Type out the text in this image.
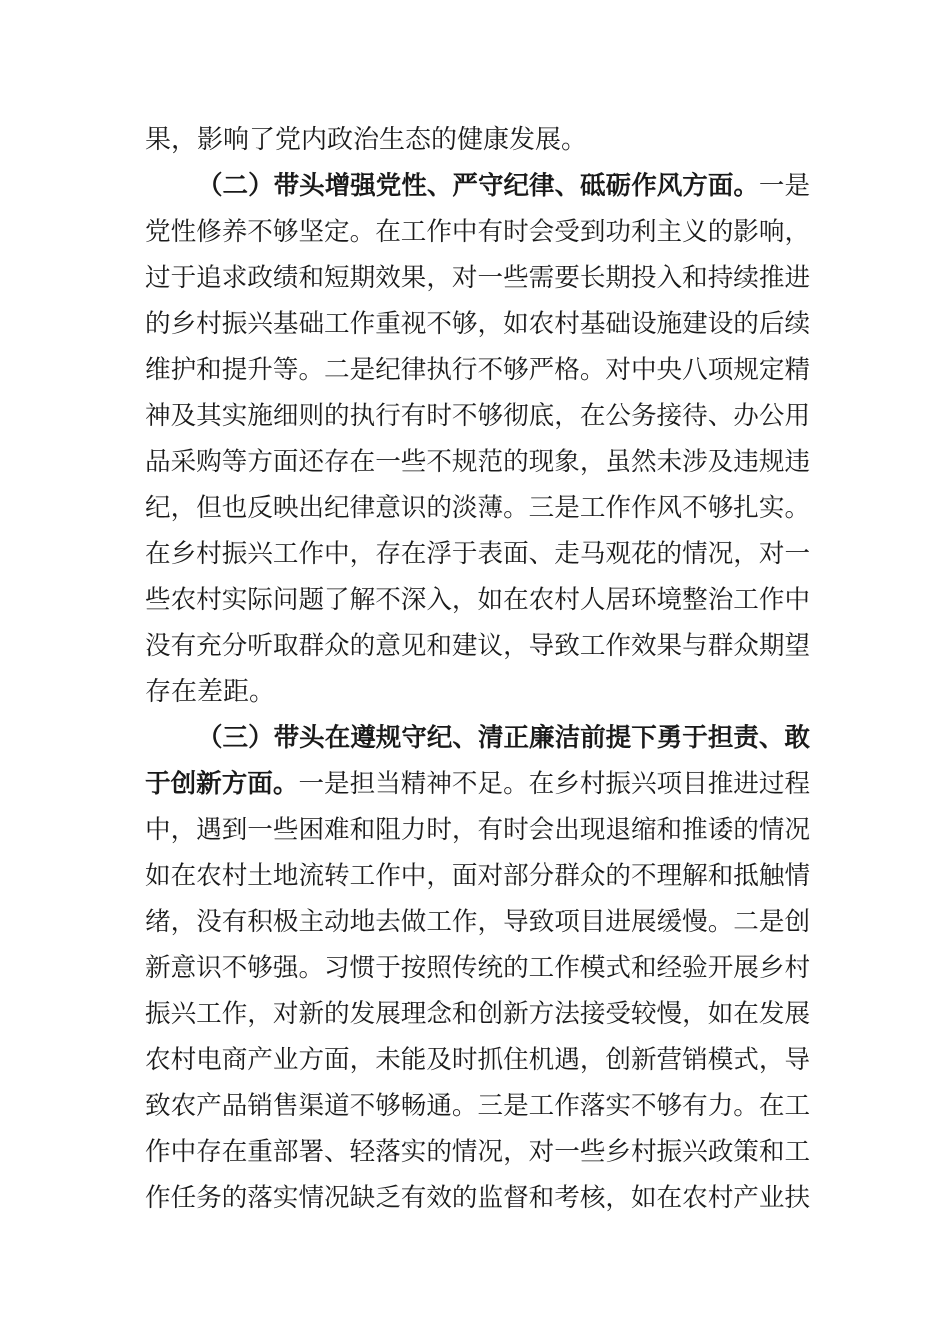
果，影响了党内政治生态的健康发展。
（二）带头增强党性、严守纪律、砥砺作风方面。一是
党性修养不够坚定。在工作中有时会受到功利主义的影响，
过于追求政绩和短期效果，对一些需要长期投入和持续推进
的乡村振兴基础工作重视不够，如农村基础设施建设的后续
维护和提升等。二是纪律执行不够严格。对中央八项规定精
神及其实施细则的执行有时不够彻底，在公务接待、办公用
品采购等方面还存在一些不规范的现象，虽然未涉及违规违
纪，但也反映出纪律意识的淡薄。三是工作作风不够扎实。
在乡村振兴工作中，存在浮于表面、走马观花的情况，对一
些农村实际问题了解不深入，如在农村人居环境整治工作中
没有充分听取群众的意见和建议，导致工作效果与群众期望
存在差距。
（三）带头在遵规守纪、清正廉洁前提下勇于担责、敢
于创新方面。一是担当精神不足。在乡村振兴项目推进过程
中，遇到一些困难和阻力时，有时会出现退缩和推诿的情况
如在农村土地流转工作中，面对部分群众的不理解和抵触情
绪，没有积极主动地去做工作，导致项目进展缓慢。二是创
新意识不够强。习惯于按照传统的工作模式和经验开展乡村
振兴工作，对新的发展理念和创新方法接受较慢，如在发展
农村电商产业方面，未能及时抓住机遇，创新营销模式，导
致农产品销售渠道不够畅通。三是工作落实不够有力。在工
作中存在重部署、轻落实的情况，对一些乡村振兴政策和工
作任务的落实情况缺乏有效的监督和考核，如在农村产业扶
